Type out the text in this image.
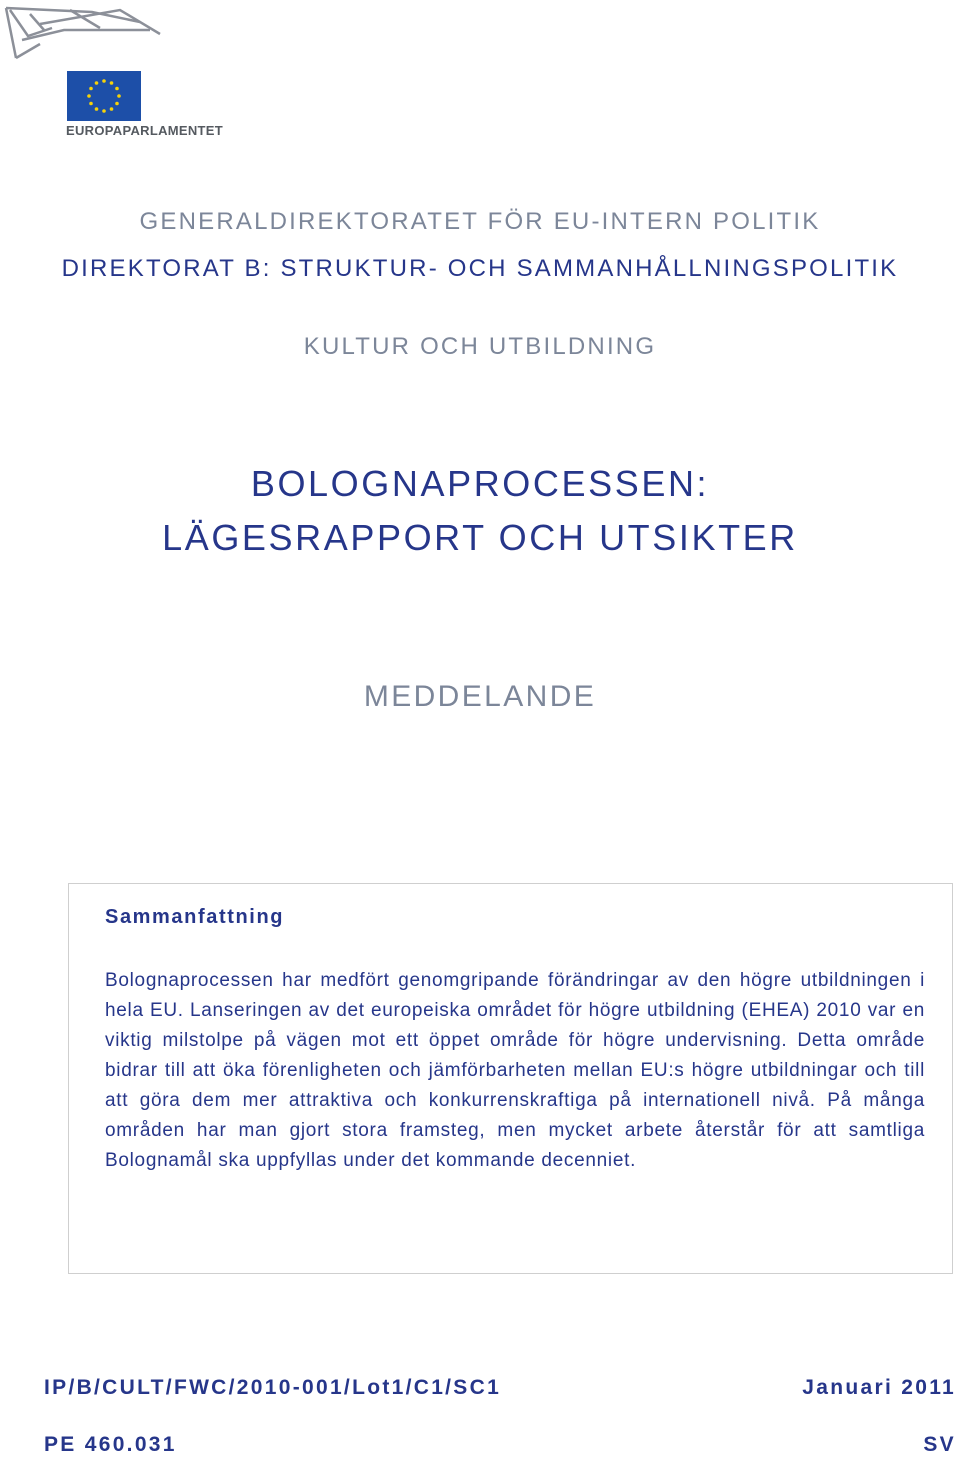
EUROPAPARLAMENTET
GENERALDIREKTORATET FÖR EU-INTERN POLITIK
DIREKTORAT B: STRUKTUR- OCH SAMMANHÅLLNINGSPOLITIK
KULTUR OCH UTBILDNING
BOLOGNAPROCESSEN:
LÄGESRAPPORT OCH UTSIKTER
MEDDELANDE
Sammanfattning
Bolognaprocessen har medfört genomgripande förändringar av den högre utbildningen i hela EU. Lanseringen av det europeiska området för högre utbildning (EHEA) 2010 var en viktig milstolpe på vägen mot ett öppet område för högre undervisning. Detta område bidrar till att öka förenligheten och jämförbarheten mellan EU:s högre utbildningar och till att göra dem mer attraktiva och konkurrenskraftiga på internationell nivå. På många områden har man gjort stora framsteg, men mycket arbete återstår för att samtliga Bolognamål ska uppfyllas under det kommande decenniet.
IP/B/CULT/FWC/2010-001/Lot1/C1/SC1	Januari 2011
PE 460.031	SV
